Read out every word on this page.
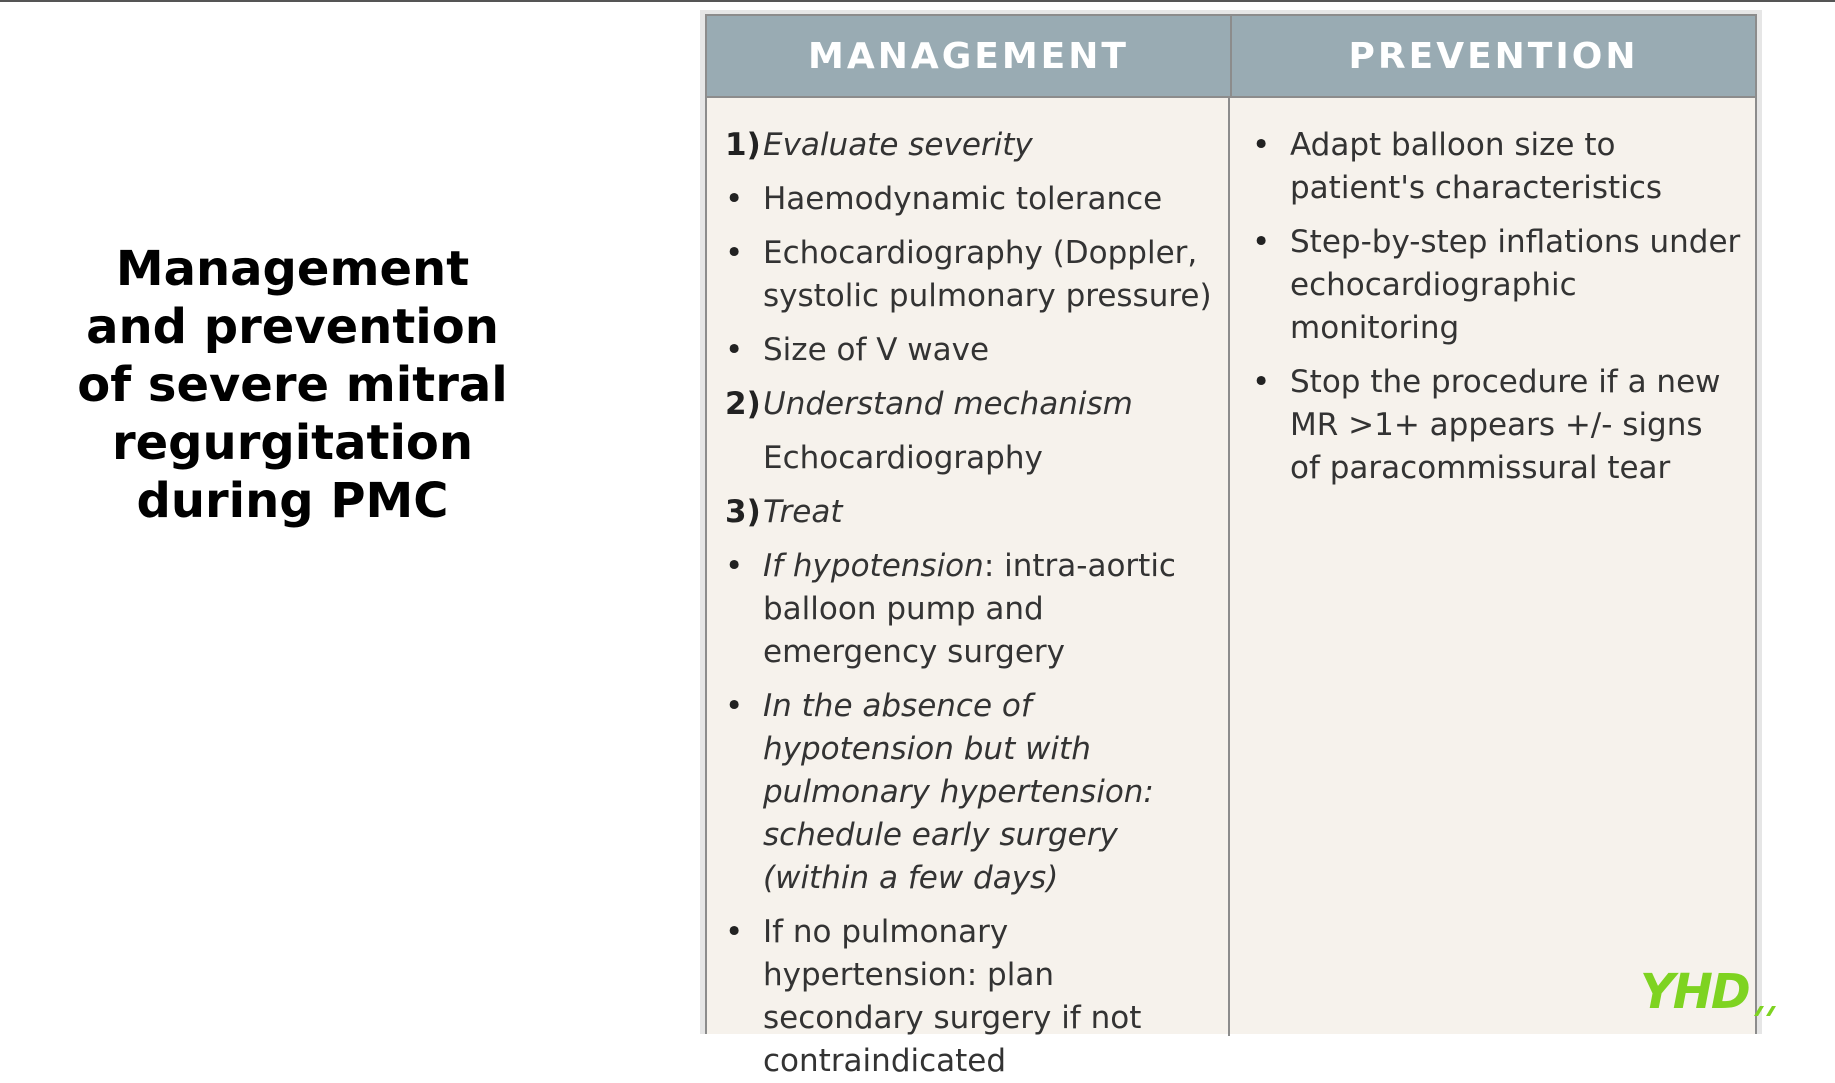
Management and prevention of severe mitral regurgitation during PMC
MANAGEMENT	PREVENTION
1) Evaluate severity
•
Haemodynamic tolerance
•
Echocardiography (Doppler, systolic pulmonary pressure)
•
Size of V wave
2) Understand mechanism
Echocardiography
3) Treat
•
If hypotension: intra-aortic balloon pump and emergency surgery
•
In the absence of hypotension but with pulmonary hypertension: schedule early surgery (within a few days)
•
If no pulmonary hypertension: plan secondary surgery if not contraindicated
•
Adapt balloon size to patient's characteristics
•
Step-by-step inflations under echocardiographic monitoring
•
Stop the procedure if a new MR >1+ appears +/- signs of paracommissural tear
YHD
